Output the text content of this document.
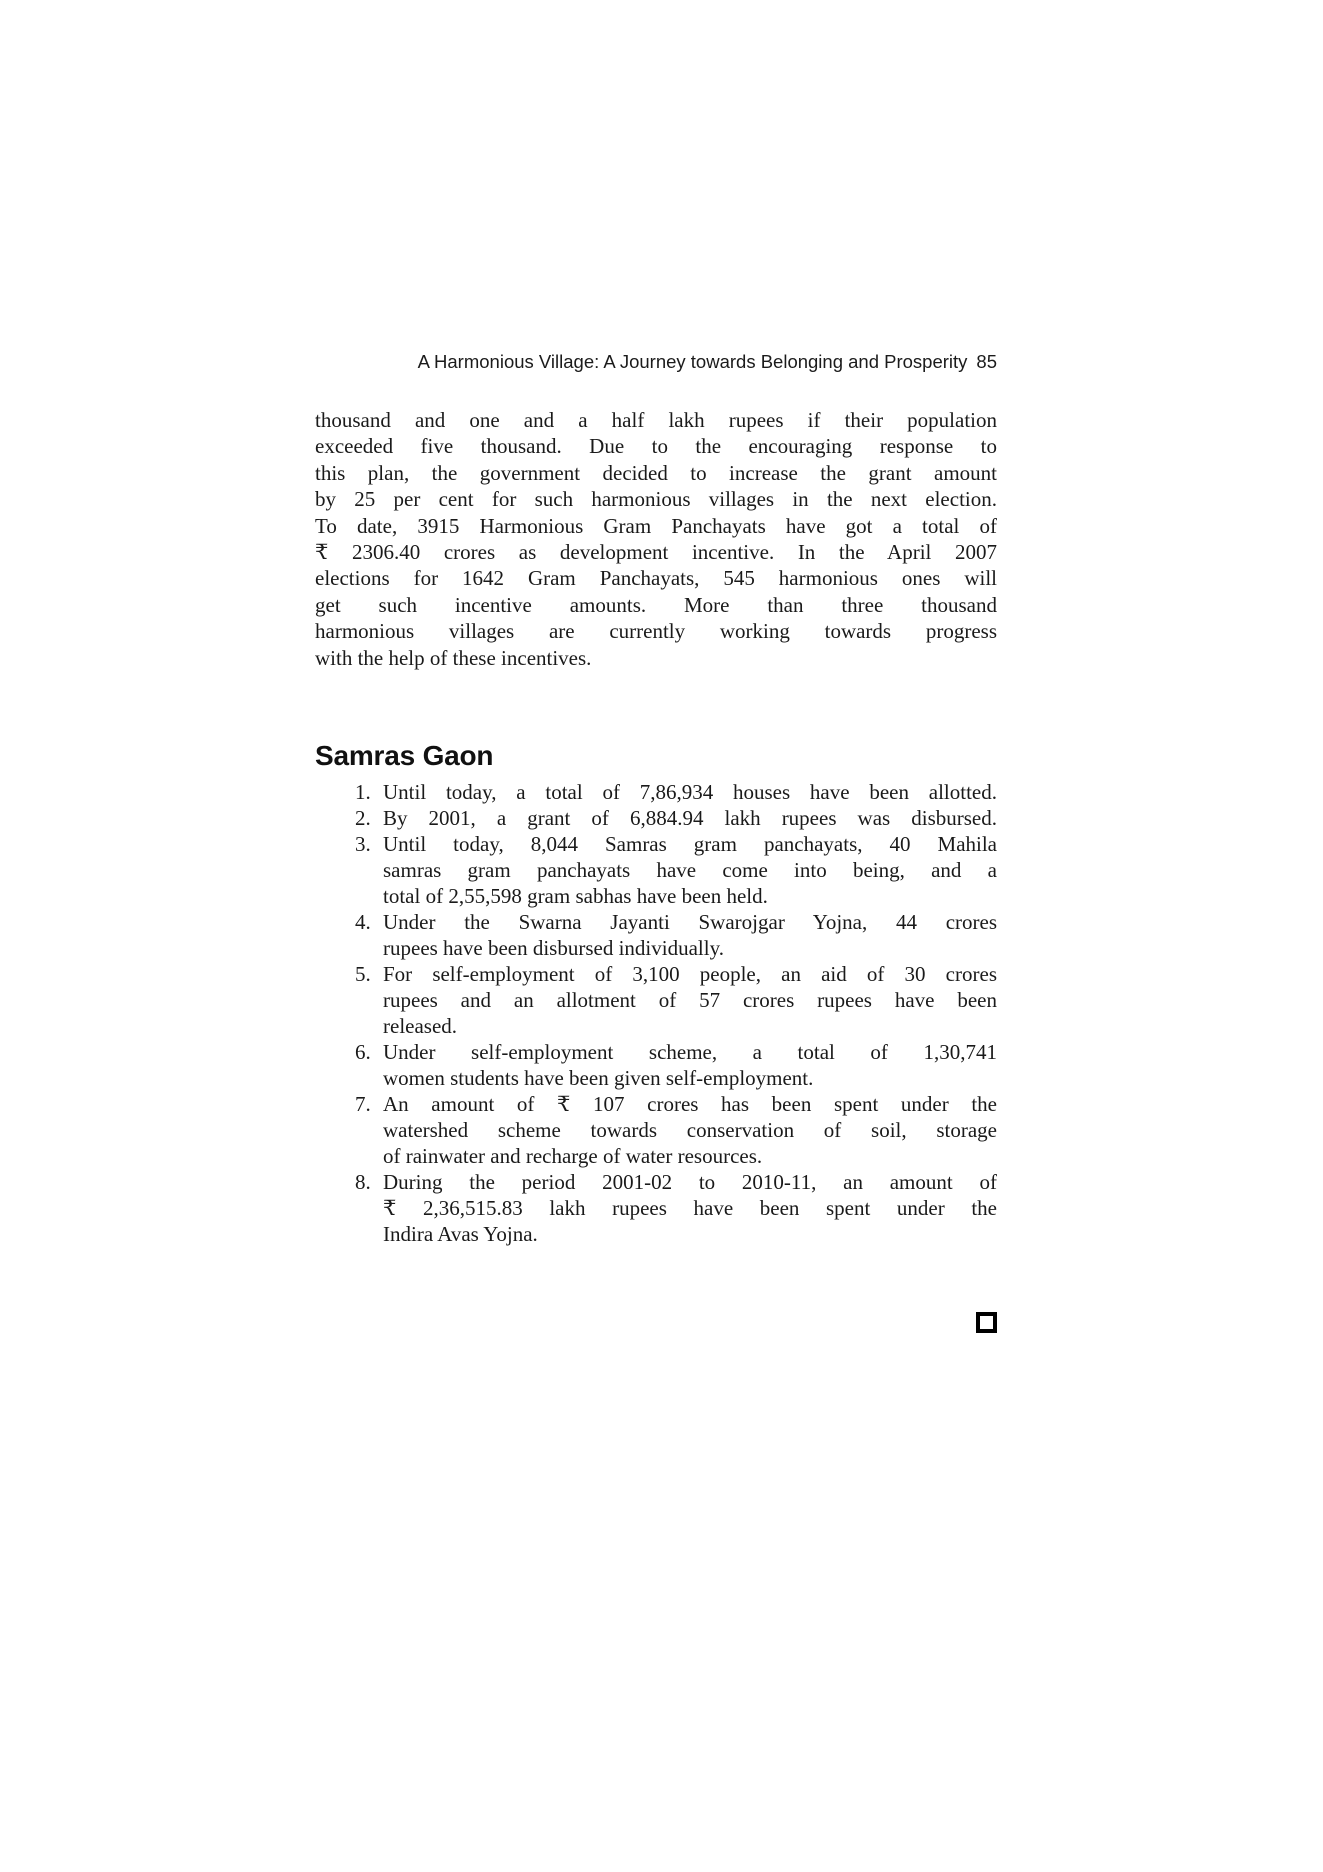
A Harmonious Village: A Journey towards Belonging and Prosperity 85
thousand and one and a half lakh rupees if their population
exceeded five thousand. Due to the encouraging response to
this plan, the government decided to increase the grant amount
by 25 per cent for such harmonious villages in the next election.
To date, 3915 Harmonious Gram Panchayats have got a total of
₹ 2306.40 crores as development incentive. In the April 2007
elections for 1642 Gram Panchayats, 545 harmonious ones will
get such incentive amounts. More than three thousand
harmonious villages are currently working towards progress
with the help of these incentives.
Samras Gaon
1. Until today, a total of 7,86,934 houses have been allotted.
2. By 2001, a grant of 6,884.94 lakh rupees was disbursed.
3. Until today, 8,044 Samras gram panchayats, 40 Mahila
samras gram panchayats have come into being, and a
total of 2,55,598 gram sabhas have been held.
4. Under the Swarna Jayanti Swarojgar Yojna, 44 crores
rupees have been disbursed individually.
5. For self-employment of 3,100 people, an aid of 30 crores
rupees and an allotment of 57 crores rupees have been
released.
6. Under self-employment scheme, a total of 1,30,741
women students have been given self-employment.
7. An amount of ₹ 107 crores has been spent under the
watershed scheme towards conservation of soil, storage
of rainwater and recharge of water resources.
8. During the period 2001-02 to 2010-11, an amount of
₹ 2,36,515.83 lakh rupees have been spent under the
Indira Avas Yojna.
